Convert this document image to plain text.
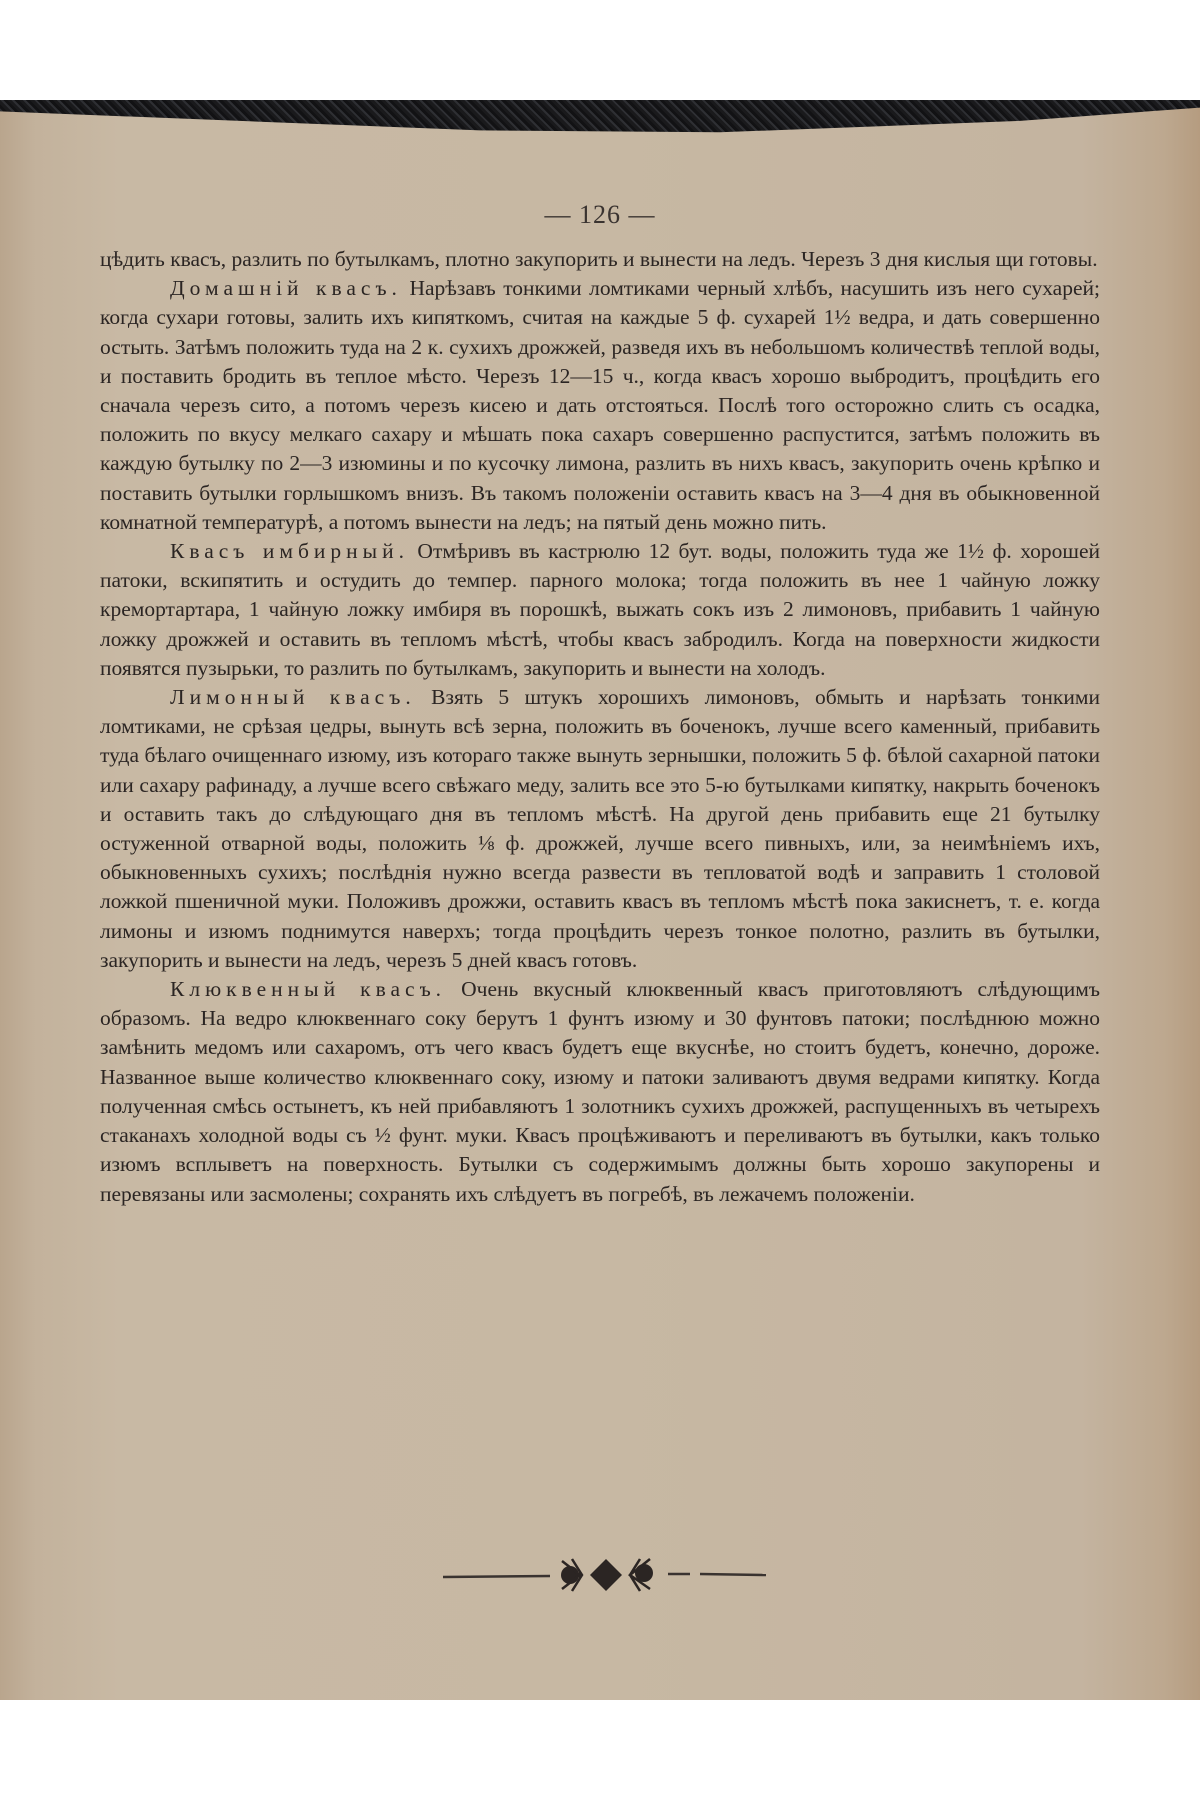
— 126 —

цѣдить квасъ, разлить по бутылкамъ, плотно закупорить и вынести на ледъ. Черезъ 3 дня кислыя щи готовы.

Домашній квасъ. Нарѣзавъ тонкими ломтиками черный хлѣбъ, насушить изъ него сухарей; когда сухари готовы, залить ихъ кипяткомъ, считая на каждые 5 ф. сухарей 1½ ведра, и дать совершенно остыть. Затѣмъ положить туда на 2 к. сухихъ дрожжей, разведя ихъ въ небольшомъ количествѣ теплой воды, и поставить бродить въ теплое мѣсто. Черезъ 12—15 ч., когда квасъ хорошо выбродитъ, процѣдить его сначала черезъ сито, а потомъ черезъ кисею и дать отстояться. Послѣ того осторожно слить съ осадка, положить по вкусу мелкаго сахару и мѣшать пока сахаръ совершенно распустится, затѣмъ положить въ каждую бутылку по 2—3 изюмины и по кусочку лимона, разлить въ нихъ квасъ, закупорить очень крѣпко и поставить бутылки горлышкомъ внизъ. Въ такомъ положеніи оставить квасъ на 3—4 дня въ обыкновенной комнатной температурѣ, а потомъ вынести на ледъ; на пятый день можно пить.

Квасъ имбирный. Отмѣривъ въ кастрюлю 12 бут. воды, положить туда же 1½ ф. хорошей патоки, вскипятить и остудить до темпер. парного молока; тогда положить въ нее 1 чайную ложку кремортартара, 1 чайную ложку имбиря въ порошкѣ, выжать сокъ изъ 2 лимоновъ, прибавить 1 чайную ложку дрожжей и оставить въ тепломъ мѣстѣ, чтобы квасъ забродилъ. Когда на поверхности жидкости появятся пузырьки, то разлить по бутылкамъ, закупорить и вынести на холодъ.

Лимонный квасъ. Взять 5 штукъ хорошихъ лимоновъ, обмыть и нарѣзать тонкими ломтиками, не срѣзая цедры, вынуть всѣ зерна, положить въ боченокъ, лучше всего каменный, прибавить туда бѣлаго очищеннаго изюму, изъ котораго также вынуть зернышки, положить 5 ф. бѣлой сахарной патоки или сахару рафинаду, а лучше всего свѣжаго меду, залить все это 5-ю бутылками кипятку, накрыть боченокъ и оставить такъ до слѣдующаго дня въ тепломъ мѣстѣ. На другой день прибавить еще 21 бутылку остуженной отварной воды, положить ⅛ ф. дрожжей, лучше всего пивныхъ, или, за неимѣніемъ ихъ, обыкновенныхъ сухихъ; послѣднія нужно всегда развести въ тепловатой водѣ и заправить 1 столовой ложкой пшеничной муки. Положивъ дрожжи, оставить квасъ въ тепломъ мѣстѣ пока закиснетъ, т. е. когда лимоны и изюмъ поднимутся наверхъ; тогда процѣдить черезъ тонкое полотно, разлить въ бутылки, закупорить и вынести на ледъ, черезъ 5 дней квасъ готовъ.

Клюквенный квасъ. Очень вкусный клюквенный квасъ приготовляютъ слѣдующимъ образомъ. На ведро клюквеннаго соку берутъ 1 фунтъ изюму и 30 фунтовъ патоки; послѣднюю можно замѣнить медомъ или сахаромъ, отъ чего квасъ будетъ еще вкуснѣе, но стоитъ будетъ, конечно, дороже. Названное выше количество клюквеннаго соку, изюму и патоки заливаютъ двумя ведрами кипятку. Когда полученная смѣсь остынетъ, къ ней прибавляютъ 1 золотникъ сухихъ дрожжей, распущенныхъ въ четырехъ стаканахъ холодной воды съ ½ фунт. муки. Квасъ процѣживаютъ и переливаютъ въ бутылки, какъ только изюмъ всплыветъ на поверхность. Бутылки съ содержимымъ должны быть хорошо закупорены и перевязаны или засмолены; сохранять ихъ слѣдуетъ въ погребѣ, въ лежачемъ положеніи.
